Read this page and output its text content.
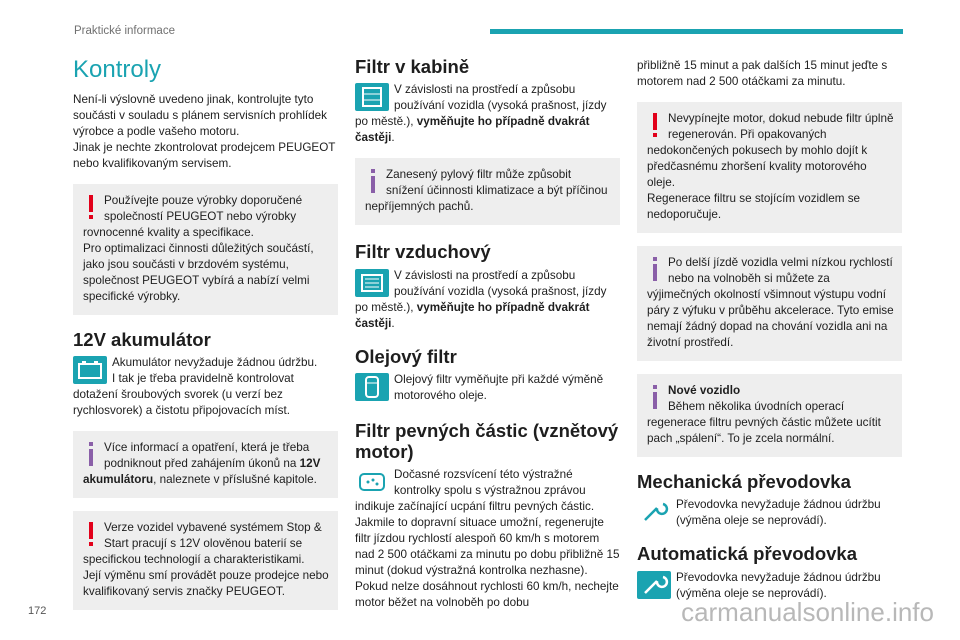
Praktické informace
Kontroly

Není-li výslovně uvedeno jinak, kontrolujte tyto součásti v souladu s plánem servisních prohlídek výrobce a podle vašeho motoru.

Jinak je nechte zkontrolovat prodejcem PEUGEOT nebo kvalifikovaným servisem.

Používejte pouze výrobky doporučené společností PEUGEOT nebo výrobky rovnocenné kvality a specifikace.

Pro optimalizaci činnosti důležitých součástí, jako jsou součásti v brzdovém systému, společnost PEUGEOT vybírá a nabízí velmi specifické výrobky.

12V akumulátor

Akumulátor nevyžaduje žádnou údržbu.
I tak je třeba pravidelně kontrolovat dotažení šroubových svorek (u verzí bez rychlosvorek) a čistotu připojovacích míst.

Více informací a opatření, která je třeba podniknout před zahájením úkonů na 12V akumulátoru, naleznete v příslušné kapitole.

Verze vozidel vybavené systémem Stop & Start pracují s 12V olověnou baterií se specifickou technologií a charakteristikami.

Její výměnu smí provádět pouze prodejce nebo kvalifikovaný servis značky PEUGEOT.

Filtr v kabině

V závislosti na prostředí a způsobu používání vozidla (vysoká prašnost, jízdy po městě.), vyměňujte ho případně dvakrát častěji.

Zanesený pylový filtr může způsobit snížení účinnosti klimatizace a být příčinou nepříjemných pachů.

Filtr vzduchový

V závislosti na prostředí a způsobu používání vozidla (vysoká prašnost, jízdy po městě.), vyměňujte ho případně dvakrát častěji.

Olejový filtr

Olejový filtr vyměňujte při každé výměně motorového oleje.

Filtr pevných částic (vznětový motor)

Dočasné rozsvícení této výstražné kontrolky spolu s výstražnou zprávou indikuje začínající ucpání filtru pevných částic. Jakmile to dopravní situace umožní, regenerujte filtr jízdou rychlostí alespoň 60 km/h s motorem nad 2 500 otáčkami za minutu po dobu přibližně 15 minut (dokud výstražná kontrolka nezhasne). Pokud nelze dosáhnout rychlosti 60 km/h, nechejte motor běžet na volnoběh po dobu

přibližně 15 minut a pak dalších 15 minut jeďte s motorem nad 2 500 otáčkami za minutu.

Nevypínejte motor, dokud nebude filtr úplně regenerován. Při opakovaných nedokončených pokusech by mohlo dojít k předčasnému zhoršení kvality motorového oleje.

Regenerace filtru se stojícím vozidlem se nedoporučuje.

Po delší jízdě vozidla velmi nízkou rychlostí nebo na volnoběh si můžete za výjimečných okolností všimnout výstupu vodní páry z výfuku v průběhu akcelerace. Tyto emise nemají žádný dopad na chování vozidla ani na životní prostředí.

Nové vozidlo

Během několika úvodních operací regenerace filtru pevných částic můžete ucítit pach „spálení“. To je zcela normální.

Mechanická převodovka

Převodovka nevyžaduje žádnou údržbu (výměna oleje se neprovádí).

Automatická převodovka

Převodovka nevyžaduje žádnou údržbu (výměna oleje se neprovádí).

172	carmanualsonline.info
